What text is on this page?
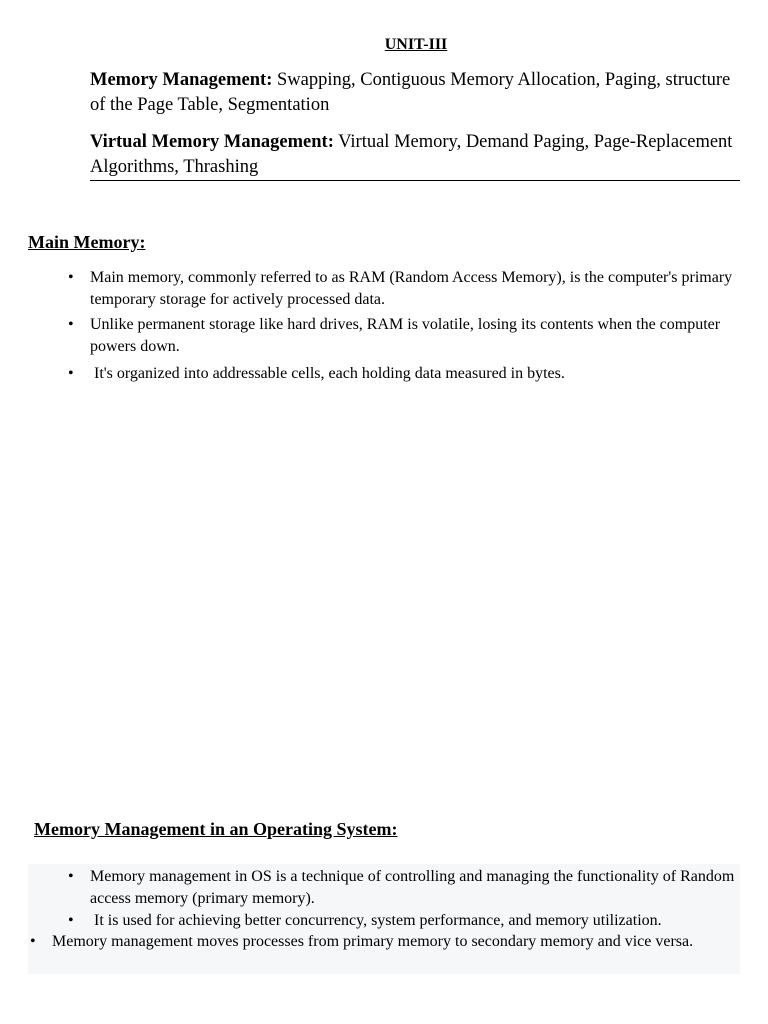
UNIT-III
Memory Management: Swapping, Contiguous Memory Allocation, Paging, structure of the Page Table, Segmentation
Virtual Memory Management: Virtual Memory, Demand Paging, Page-Replacement Algorithms, Thrashing
Main Memory:
• Main memory, commonly referred to as RAM (Random Access Memory), is the computer's primary temporary storage for actively processed data.
• Unlike permanent storage like hard drives, RAM is volatile, losing its contents when the computer powers down.
• It's organized into addressable cells, each holding data measured in bytes.
Memory Management in an Operating System:
• Memory management in OS is a technique of controlling and managing the functionality of Random access memory (primary memory).
• It is used for achieving better concurrency, system performance, and memory utilization.
• Memory management moves processes from primary memory to secondary memory and vice versa.
